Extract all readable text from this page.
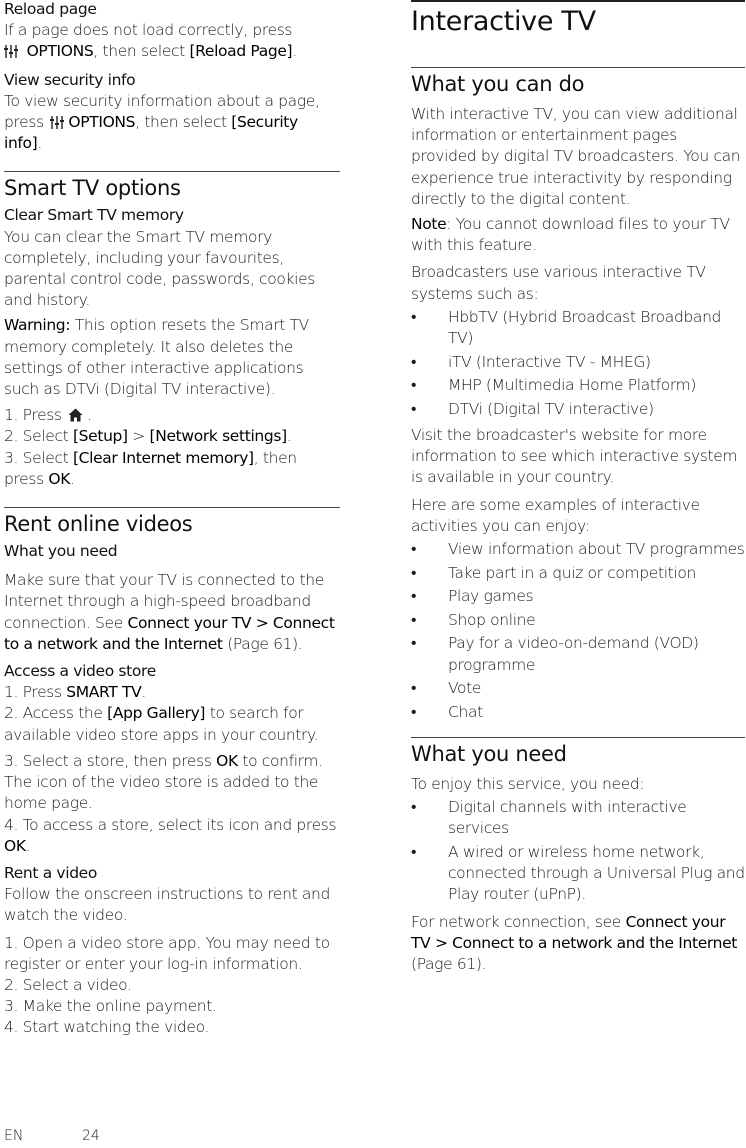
Reload page

If a page does not load correctly, press
OPTIONS, then select [Reload Page].

View security info

To view security information about a page, press OPTIONS, then select [Security info].

Smart TV options

Clear Smart TV memory

You can clear the Smart TV memory completely, including your favourites, parental control code, passwords, cookies and history.

Warning: This option resets the Smart TV memory completely. It also deletes the settings of other interactive applications such as DTVi (Digital TV interactive).

1. Press .

2. Select [Setup] > [Network settings].

3. Select [Clear Internet memory], then press OK.

Rent online videos

What you need

Make sure that your TV is connected to the Internet through a high-speed broadband connection. See Connect your TV > Connect to a network and the Internet (Page 61).

Access a video store

1. Press SMART TV.

2. Access the [App Gallery] to search for available video store apps in your country.

3. Select a store, then press OK to confirm. The icon of the video store is added to the home page.

4. To access a store, select its icon and press OK.

Rent a video

Follow the onscreen instructions to rent and watch the video.

1. Open a video store app. You may need to register or enter your log-in information.

2. Select a video.

3. Make the online payment.

4. Start watching the video.

Interactive TV
What you can do

With interactive TV, you can view additional information or entertainment pages provided by digital TV broadcasters. You can experience true interactivity by responding directly to the digital content.

Note: You cannot download files to your TV with this feature.

Broadcasters use various interactive TV systems such as:

• HbbTV (Hybrid Broadcast Broadband TV)
• iTV (Interactive TV - MHEG)
• MHP (Multimedia Home Platform)
• DTVi (Digital TV interactive)

Visit the broadcaster's website for more information to see which interactive system is available in your country.

Here are some examples of interactive activities you can enjoy:

• View information about TV programmes
• Take part in a quiz or competition
• Play games
• Shop online
• Pay for a video-on-demand (VOD) programme
• Vote
• Chat
What you need

To enjoy this service, you need:

• Digital channels with interactive services
• A wired or wireless home network, connected through a Universal Plug and Play router (uPnP).

For network connection, see Connect your TV > Connect to a network and the Internet (Page 61).

EN	24
